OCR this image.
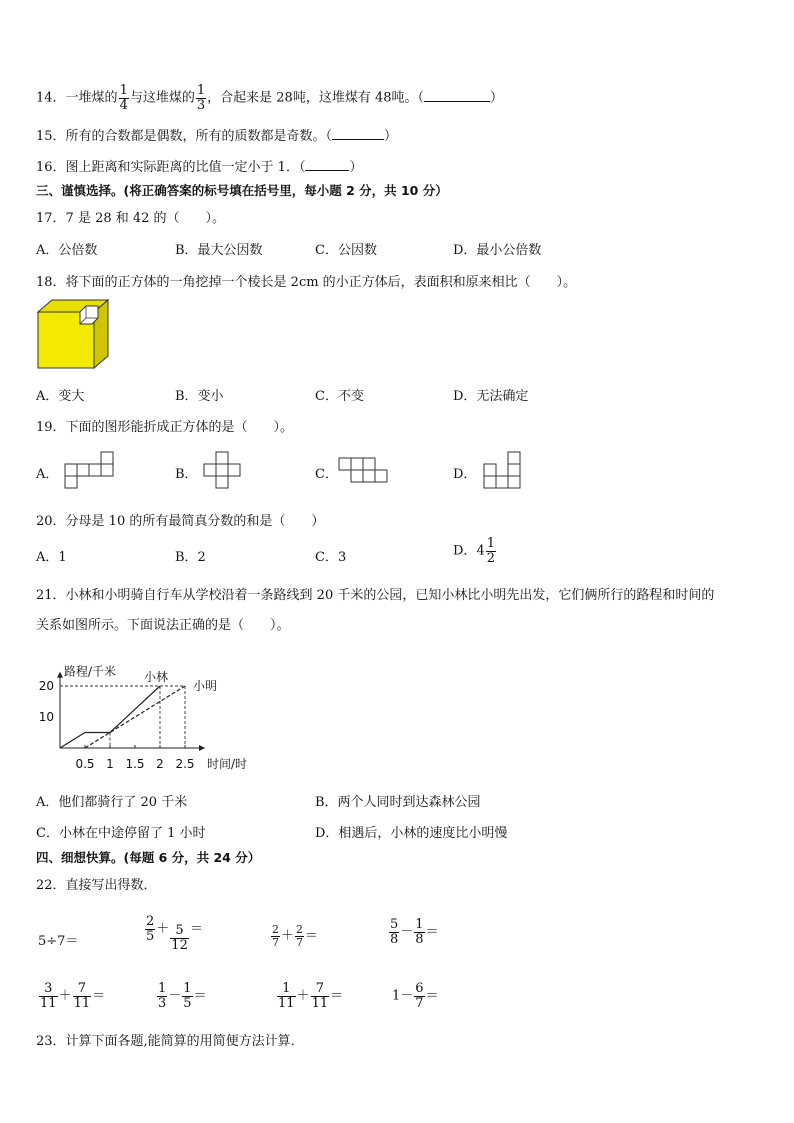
14．一堆煤的 $\frac{1}{4}$ 与这堆煤的 $\frac{1}{3}$ ，合起来是 28吨，这堆煤有 48吨。（	）
15．所有的合数都是偶数，所有的质数都是奇数。（	）
16．图上距离和实际距离的比值一定小于 1．（	）
三、谨慎选择。(将正确答案的标号填在括号里，每小题 2 分，共 10 分）
17．7 是 28 和 42 的（　　）。
A．公倍数	B．最大公因数	C．公因数	D．最小公倍数
18．将下面的正方体的一角挖掉一个棱长是 2cm 的小正方体后，表面积和原来相比（　　）。
A．变大	B．变小	C．不变	D．无法确定
19．下面的图形能折成正方体的是（　　）。
A．	B．	C．	D．
20．分母是 10 的所有最简真分数的和是（　　）
A．1	B．2	C．3	D．$4 \frac{1}{2}$
21．小林和小明骑自行车从学校沿着一条路线到 20 千米的公园，已知小林比小明先出发，它们俩所行的路程和时间的
关系如图所示。下面说法正确的是（　　）。
0.5 1 1.5 2 2.5
10
20
路程/千米
时间/时
小林
小明
A．他们都骑行了 20 千米	B．两个人同时到达森林公园
C．小林在中途停留了 1 小时	D．相遇后，小林的速度比小明慢
四、细想快算。(每题 6 分，共 24 分）
22．直接写出得数．
5÷7＝	$\frac{2}{5} + \frac{5}{12}$ ＝	$\frac{2}{7} + \frac{2}{7}$ ＝	$\frac{5}{8} - \frac{1}{8}$ ＝
$\frac{3}{11} + \frac{7}{11}$ ＝	$\frac{1}{3} - \frac{1}{5}$ ＝	$\frac{1}{11} + \frac{7}{11}$ ＝	$1- \frac{6}{7}$ ＝
23．计算下面各题,能简算的用简便方法计算．
